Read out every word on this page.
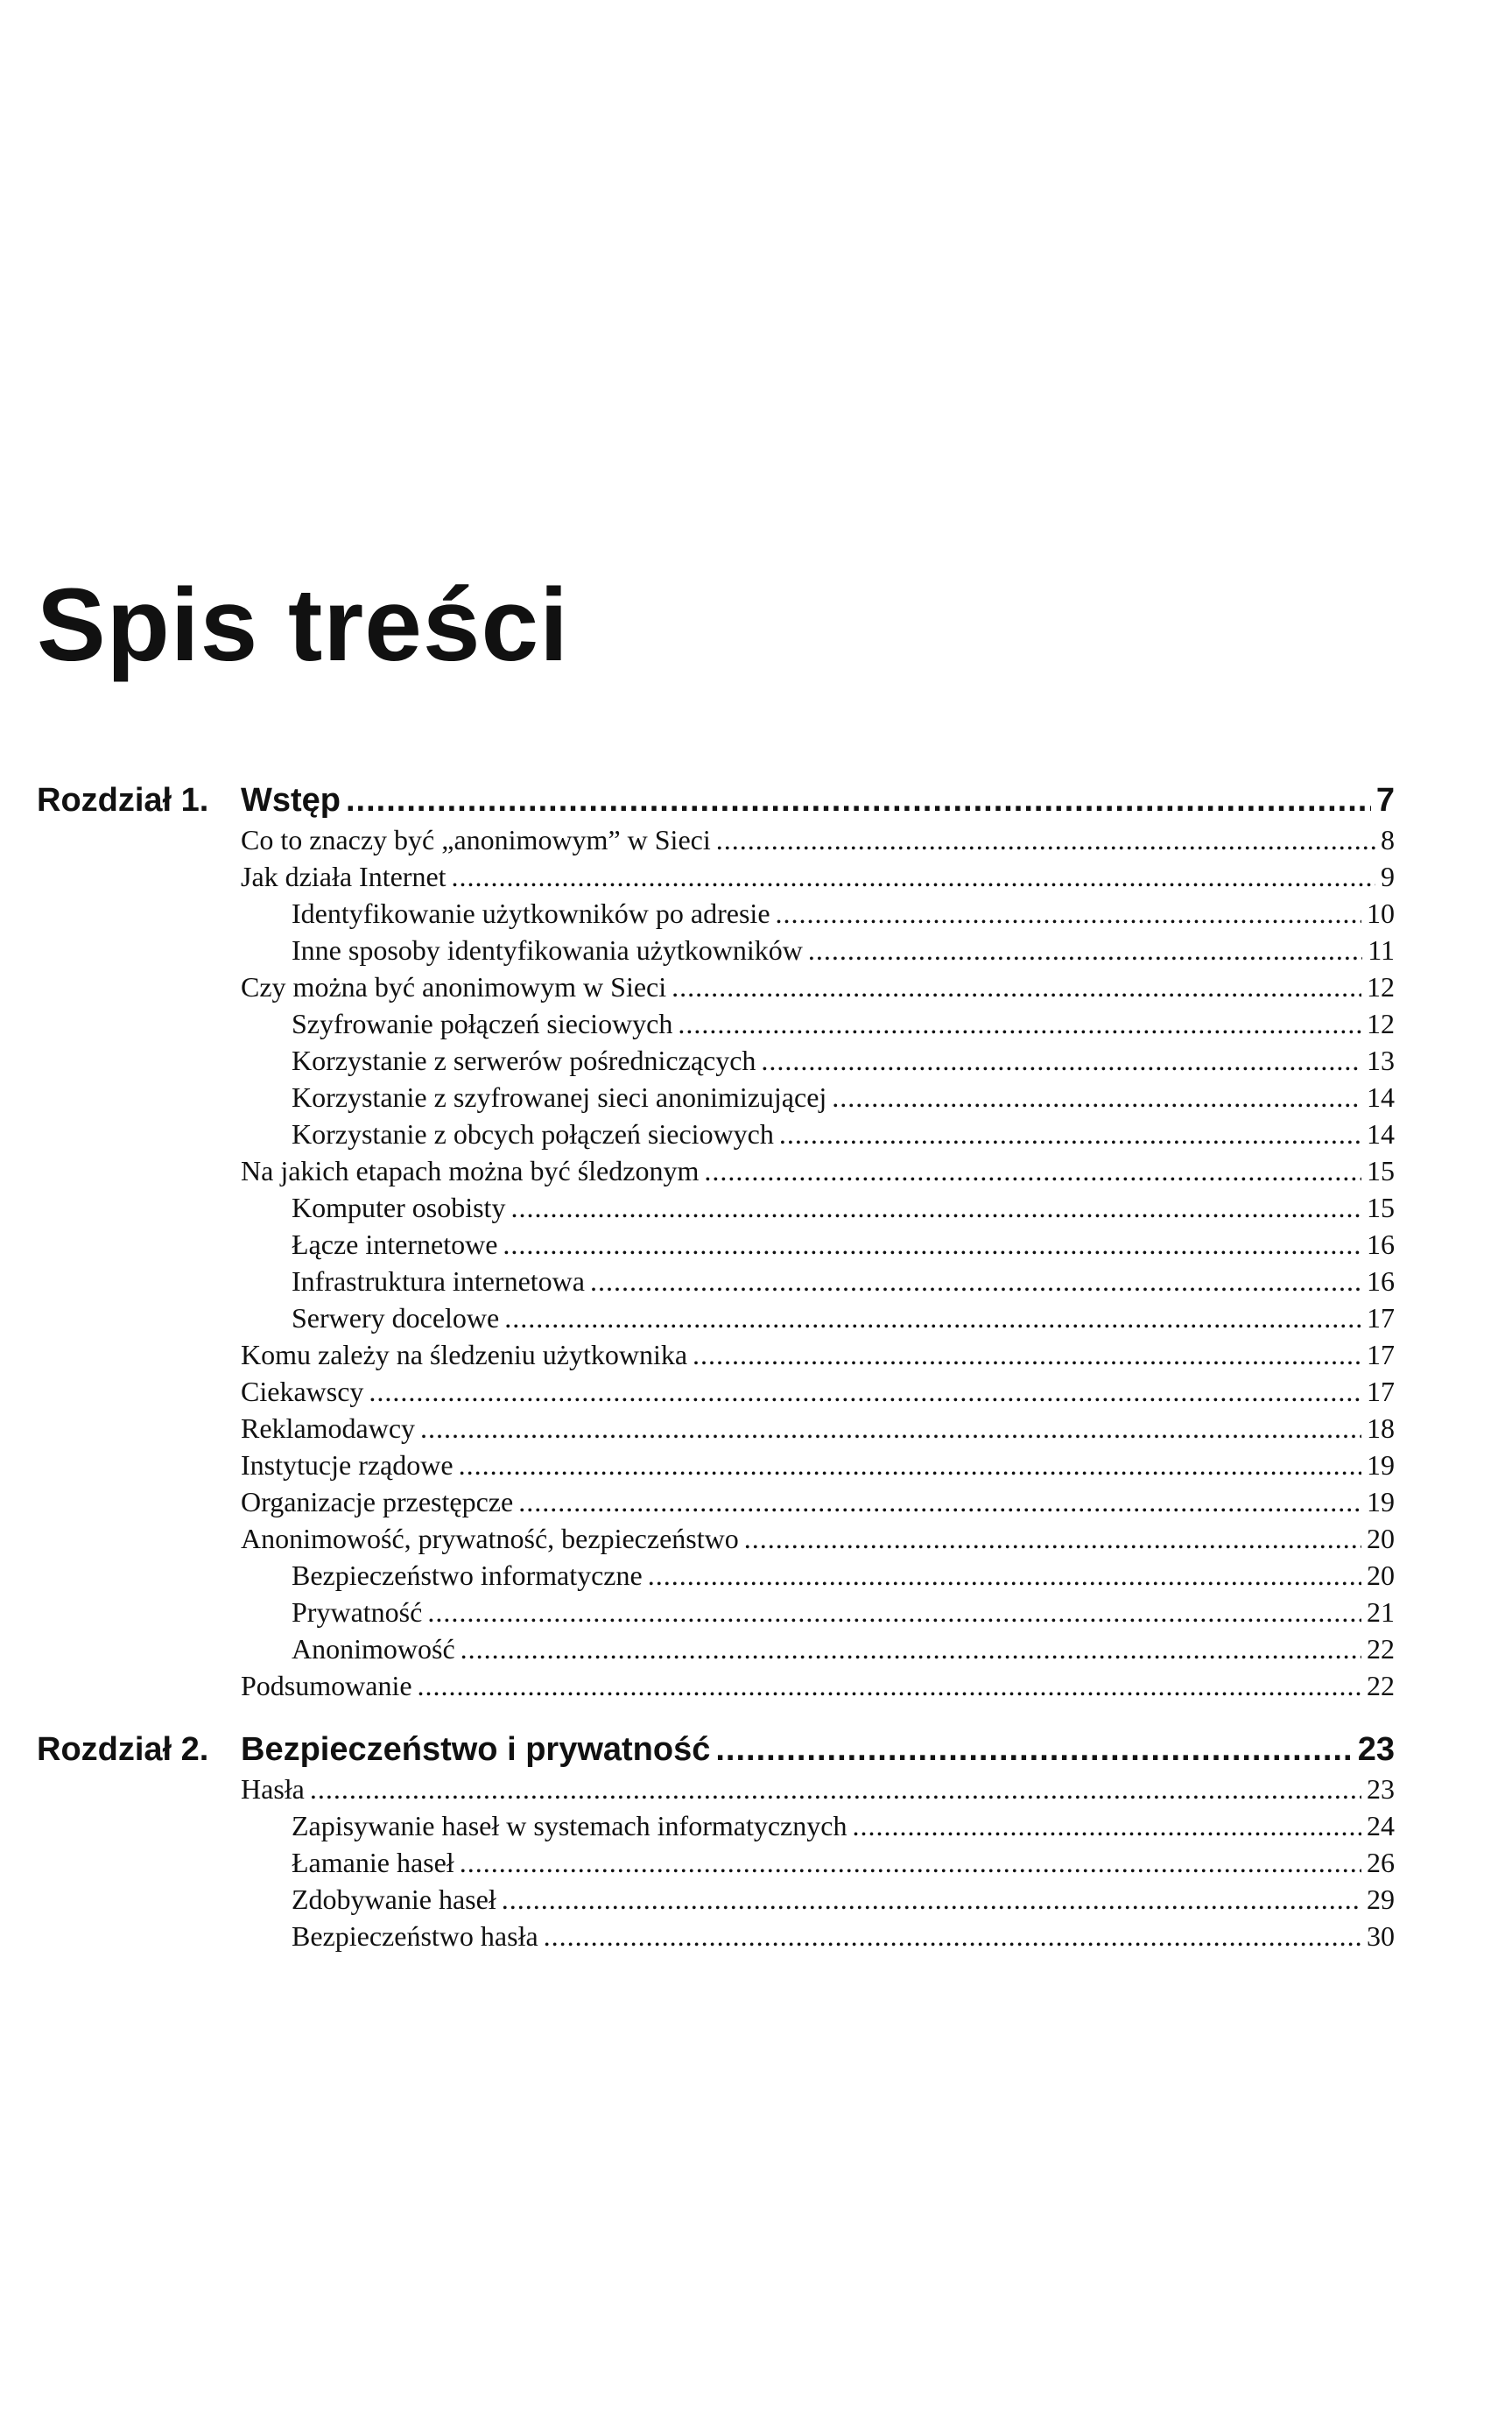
Spis treści
Rozdział 1. Wstęp .....	7
Co to znaczy być „anonimowym” w Sieci .....	8
Jak działa Internet .....	9
Identyfikowanie użytkowników po adresie .....	10
Inne sposoby identyfikowania użytkowników .....	11
Czy można być anonimowym w Sieci .....	12
Szyfrowanie połączeń sieciowych .....	12
Korzystanie z serwerów pośredniczących .....	13
Korzystanie z szyfrowanej sieci anonimizującej .....	14
Korzystanie z obcych połączeń sieciowych .....	14
Na jakich etapach można być śledzonym .....	15
Komputer osobisty .....	15
Łącze internetowe .....	16
Infrastruktura internetowa .....	16
Serwery docelowe .....	17
Komu zależy na śledzeniu użytkownika .....	17
Ciekawscy .....	17
Reklamodawcy .....	18
Instytucje rządowe .....	19
Organizacje przestępcze .....	19
Anonimowość, prywatność, bezpieczeństwo .....	20
Bezpieczeństwo informatyczne .....	20
Prywatność .....	21
Anonimowość .....	22
Podsumowanie .....	22
Rozdział 2. Bezpieczeństwo i prywatność .....	23
Hasła .....	23
Zapisywanie haseł w systemach informatycznych .....	24
Łamanie haseł .....	26
Zdobywanie haseł .....	29
Bezpieczeństwo hasła .....	30
